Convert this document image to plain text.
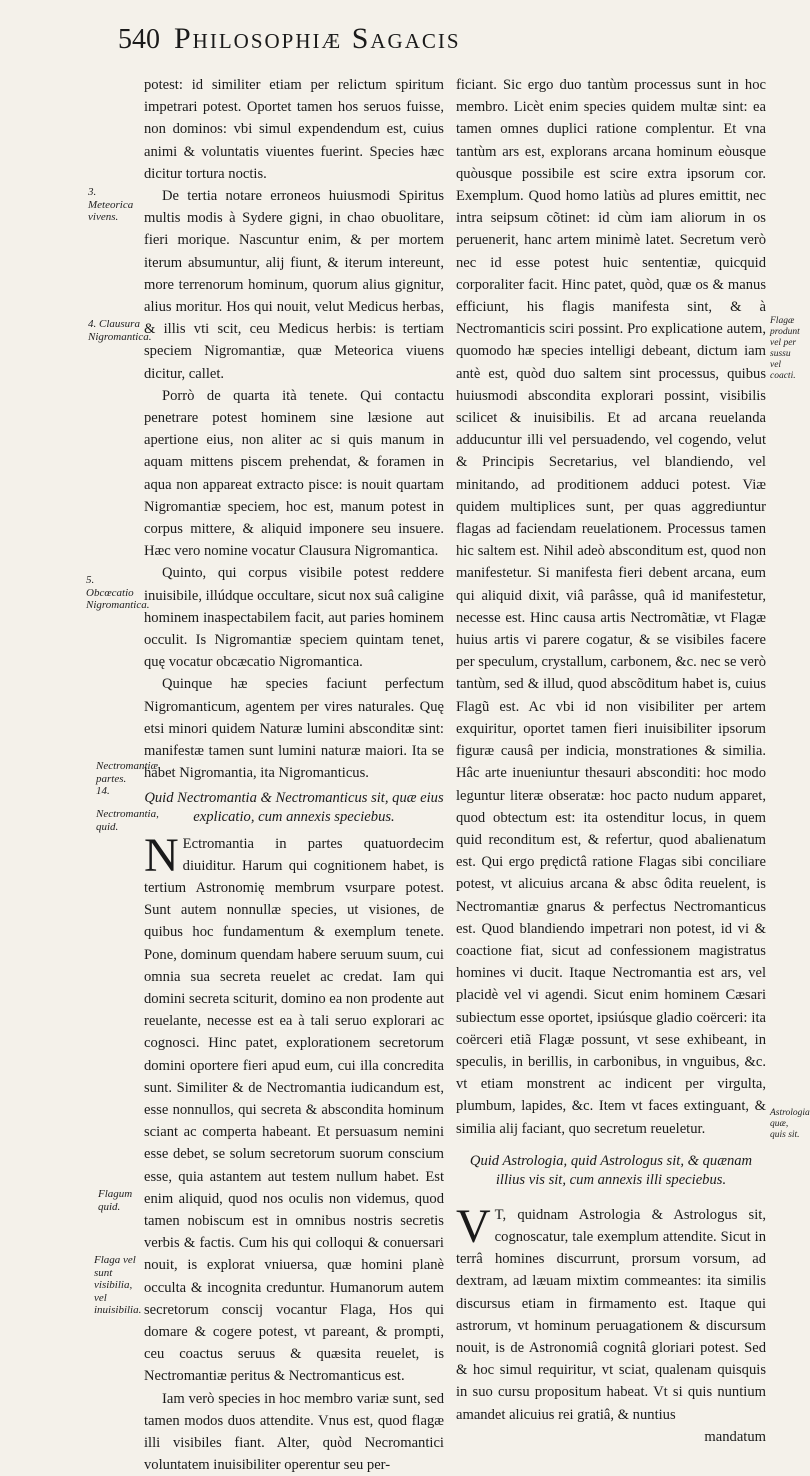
540 Philosophiæ Sagacis
3. Meteorica vivens.
4. Clausura Nigromantica.
5. Obcœcatio Nigromantica.
Nectromantiæ partes. 14.
Nectromantia, quid.
Flagum quid.
Flaga vel sunt visibilia, vel inuisibilia.
Flagæ produnt vel per sussu vel coacti.
Astrologia quæ, quis sit.

potest: id similiter etiam per relictum spiritum impetrari potest. Oportet tamen hos seruos fuisse, non dominos: vbi simul expendendum est, cuius animi & voluntatis viuentes fuerint. Species hæc dicitur tortura noctis.

De tertia notare erroneos huiusmodi Spiritus multis modis à Sydere gigni, in chao obuolitare, fieri morique. Nascuntur enim, & per mortem iterum absumuntur, alij fiunt, & iterum intereunt, more terrenorum hominum, quorum alius gignitur, alius moritur. Hos qui nouit, velut Medicus herbas, & illis vti scit, ceu Medicus herbis: is tertiam speciem Nigromantiæ, quæ Meteorica viuens dicitur, callet.

Porrò de quarta ità tenete. Qui contactu penetrare potest hominem sine læsione aut apertione eius, non aliter ac si quis manum in aquam mittens piscem prehendat, & foramen in aqua non appareat extracto pisce: is nouit quartam Nigromantiæ speciem, hoc est, manum potest in corpus mittere, & aliquid imponere seu insuere. Hæc vero nomine vocatur Clausura Nigromantica.

Quinto, qui corpus visibile potest reddere inuisibile, illúdque occultare, sicut nox suâ caligine hominem inaspectabilem facit, aut paries hominem occulit. Is Nigromantiæ speciem quintam tenet, quę vocatur obcæcatio Nigromantica.

Quinque hæ species faciunt perfectum Nigromanticum, agentem per vires naturales. Quę etsi minori quidem Naturæ lumini absconditæ sint: manifestæ tamen sunt lumini naturæ maiori. Ita se habet Nigromantia, ita Nigromanticus.

Quid Nectromantia & Nectromanticus sit, quæ eius explicatio, cum annexis speciebus.

N Ectromantia in partes quatuordecim diuiditur. Harum qui cognitionem habet, is tertium Astronomię membrum vsurpare potest. Sunt autem nonnullæ species, ut visiones, de quibus hoc fundamentum & exemplum tenete. Pone, dominum quendam habere seruum suum, cui omnia sua secreta reuelet ac credat. Iam qui domini secreta sciturit, domino ea non prodente aut reuelante, necesse est ea à tali seruo explorari ac cognosci. Hinc patet, explorationem secretorum domini oportere fieri apud eum, cui illa concredita sunt. Similiter & de Nectromantia iudicandum est, esse nonnullos, qui secreta & abscondita hominum sciant ac comperta habeant. Et persuasum nemini esse debet, se solum secretorum suorum conscium esse, quia astantem aut testem nullum habet. Est enim aliquid, quod nos oculis non videmus, quod tamen nobiscum est in omnibus nostris secretis verbis & factis. Cum his qui colloqui & conuersari nouit, is explorat vniuersa, quæ homini planè occulta & incognita creduntur. Humanorum autem secretorum conscij vocantur Flaga, Hos qui domare & cogere potest, vt pareant, & prompti, ceu coactus seruus & quæsita reuelet, is Nectromantiæ peritus & Nectromanticus est.

Iam verò species in hoc membro variæ sunt, sed tamen modos duos attendite. Vnus est, quod flagæ illi visibiles fiant. Alter, quòd Necromantici voluntatem inuisibiliter operentur seu per-

ficiant. Sic ergo duo tantùm processus sunt in hoc membro. Licèt enim species quidem multæ sint: ea tamen omnes duplici ratione complentur. Et vna tantùm ars est, explorans arcana hominum eòusque quòusque possibile est scire extra ipsorum cor. Exemplum. Quod homo latiùs ad plures emittit, nec intra seipsum cõtinet: id cùm iam aliorum in os peruenerit, hanc artem minimè latet. Secretum verò nec id esse potest huic sententiæ, quicquid corporaliter facit. Hinc patet, quòd, quæ os & manus efficiunt, his flagis manifesta sint, & à Nectromanticis sciri possint. Pro explicatione autem, quomodo hæ species intelligi debeant, dictum iam antè est, quòd duo saltem sint processus, quibus huiusmodi abscondita explorari possint, visibilis scilicet & inuisibilis. Et ad arcana reuelanda adducuntur illi vel persuadendo, vel cogendo, velut & Principis Secretarius, vel blandiendo, vel minitando, ad proditionem adduci potest. Viæ quidem multiplices sunt, per quas aggrediuntur flagas ad faciendam reuelationem. Processus tamen hic saltem est. Nihil adeò absconditum est, quod non manifestetur. Si manifesta fieri debent arcana, eum qui aliquid dixit, viâ parâsse, quâ id manifestetur, necesse est. Hinc causa artis Nectromãtiæ, vt Flagæ huius artis vi parere cogatur, & se visibiles facere per speculum, crystallum, carbonem, &c. nec se verò tantùm, sed & illud, quod abscõditum habet is, cuius Flagũ est. Ac vbi id non visibiliter per artem exquiritur, oportet tamen fieri inuisibiliter ipsorum figuræ causâ per indicia, monstrationes & similia. Hâc arte inueniuntur thesauri absconditi: hoc modo leguntur literæ obseratæ: hoc pacto nudum apparet, quod obtectum est: ita ostenditur locus, in quem quid reconditum est, & refertur, quod abalienatum est. Qui ergo prędictâ ratione Flagas sibi conciliare potest, vt alicuius arcana & absc ôdita reuelent, is Nectromantiæ gnarus & perfectus Nectromanticus est. Quod blandiendo impetrari non potest, id vi & coactione fiat, sicut ad confessionem magistratus homines vi ducit. Itaque Nectromantia est ars, vel placidè vel vi agendi. Sicut enim hominem Cæsari subiectum esse oportet, ipsiúsque gladio coërceri: ita coërceri etiã Flagæ possunt, vt sese exhibeant, in speculis, in berillis, in carbonibus, in vnguibus, &c. vt etiam monstrent ac indicent per virgulta, plumbum, lapides, &c. Item vt faces extinguant, & similia alij faciant, quo secretum reueletur.

Quid Astrologia, quid Astrologus sit, & quænam illius vis sit, cum annexis illi speciebus.

V T, quidnam Astrologia & Astrologus sit, cognoscatur, tale exemplum attendite. Sicut in terrâ homines discurrunt, prorsum vorsum, ad dextram, ad læuam mixtim commeantes: ita similis discursus etiam in firmamento est. Itaque qui astrorum, vt hominum peruagationem & discursum nouit, is de Astronomiâ cognitâ gloriari potest. Sed & hoc simul requiritur, vt sciat, qualenam quisquis in suo cursu propositum habeat. Vt si quis nuntium amandet alicuius rei gratiâ, & nuntius

mandatum
